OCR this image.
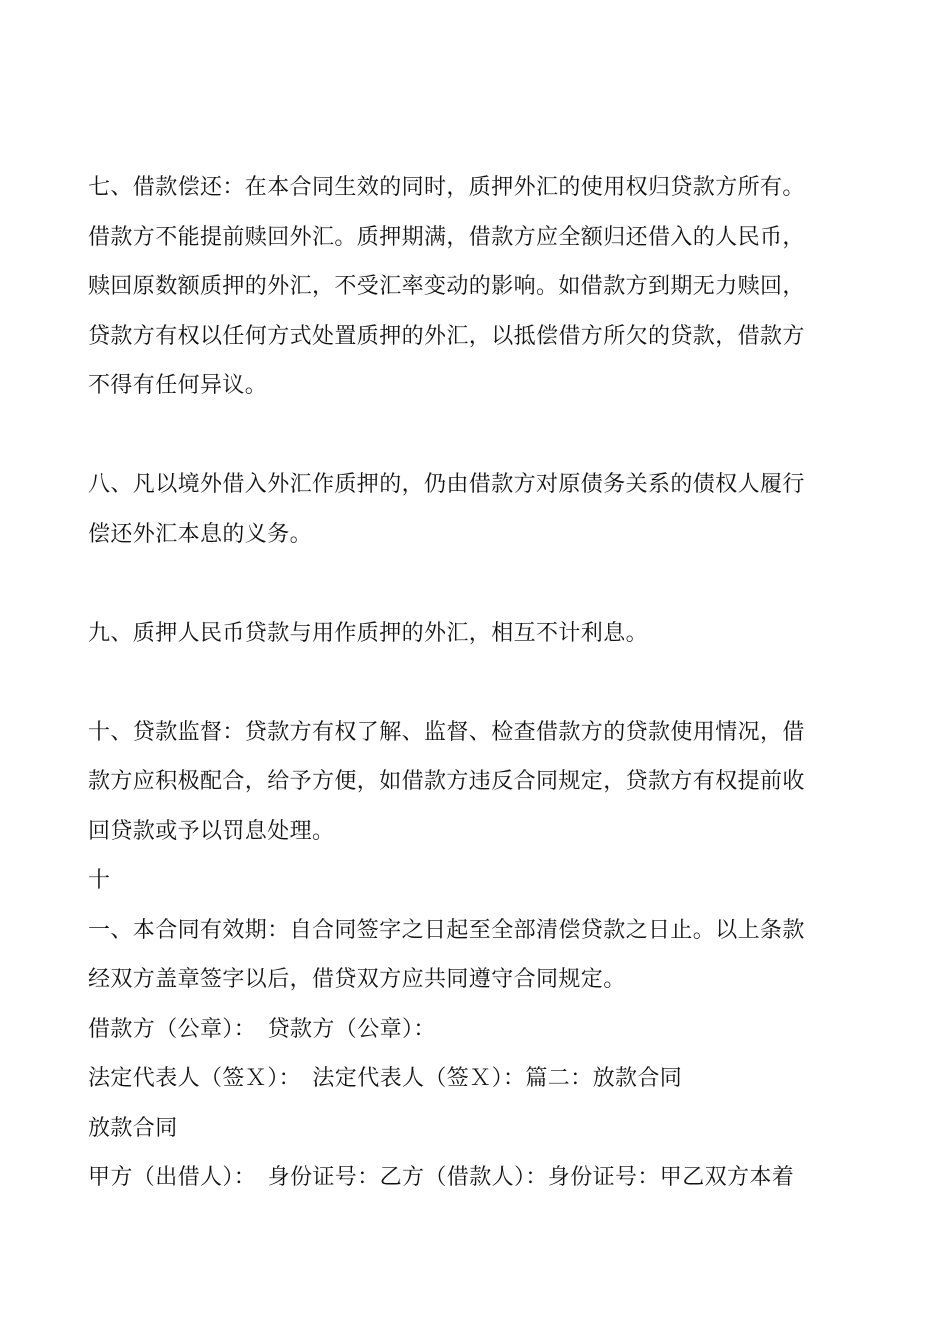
七、借款偿还：在本合同生效的同时，质押外汇的使用权归贷款方所有。
借款方不能提前赎回外汇。质押期满，借款方应全额归还借入的人民币，
赎回原数额质押的外汇，不受汇率变动的影响。如借款方到期无力赎回，
贷款方有权以任何方式处置质押的外汇，以抵偿借方所欠的贷款，借款方
不得有任何异议。
八、凡以境外借入外汇作质押的，仍由借款方对原债务关系的债权人履行
偿还外汇本息的义务。
九、质押人民币贷款与用作质押的外汇，相互不计利息。
十、贷款监督：贷款方有权了解、监督、检查借款方的贷款使用情况，借
款方应积极配合，给予方便，如借款方违反合同规定，贷款方有权提前收
回贷款或予以罚息处理。
十
一、本合同有效期：自合同签字之日起至全部清偿贷款之日止。以上条款
经双方盖章签字以后，借贷双方应共同遵守合同规定。
借款方（公章）：　贷款方（公章）：
法定代表人（签Ｘ）：　法定代表人（签Ｘ）：篇二：放款合同
放款合同
甲方（出借人）：　身份证号：乙方（借款人）：身份证号：甲乙双方本着
